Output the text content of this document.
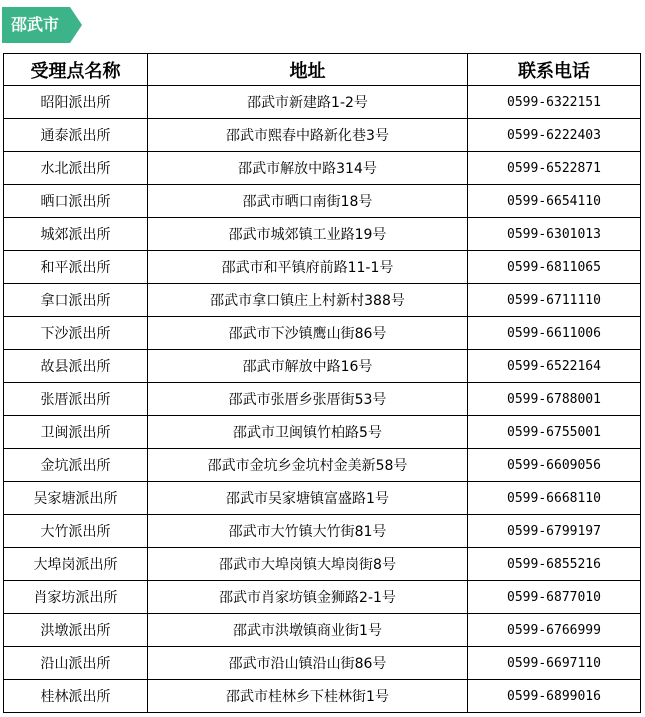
邵武市
受理点名称	地址	联系电话
昭阳派出所	邵武市新建路1-2号	0599-6322151
通泰派出所	邵武市熙春中路新化巷3号	0599-6222403
水北派出所	邵武市解放中路314号	0599-6522871
晒口派出所	邵武市晒口南街18号	0599-6654110
城郊派出所	邵武市城郊镇工业路19号	0599-6301013
和平派出所	邵武市和平镇府前路11-1号	0599-6811065
拿口派出所	邵武市拿口镇庄上村新村388号	0599-6711110
下沙派出所	邵武市下沙镇鹰山街86号	0599-6611006
故县派出所	邵武市解放中路16号	0599-6522164
张厝派出所	邵武市张厝乡张厝街53号	0599-6788001
卫闽派出所	邵武市卫闽镇竹柏路5号	0599-6755001
金坑派出所	邵武市金坑乡金坑村金美新58号	0599-6609056
吴家塘派出所	邵武市吴家塘镇富盛路1号	0599-6668110
大竹派出所	邵武市大竹镇大竹街81号	0599-6799197
大埠岗派出所	邵武市大埠岗镇大埠岗街8号	0599-6855216
肖家坊派出所	邵武市肖家坊镇金狮路2-1号	0599-6877010
洪墩派出所	邵武市洪墩镇商业街1号	0599-6766999
沿山派出所	邵武市沿山镇沿山街86号	0599-6697110
桂林派出所	邵武市桂林乡下桂林街1号	0599-6899016
